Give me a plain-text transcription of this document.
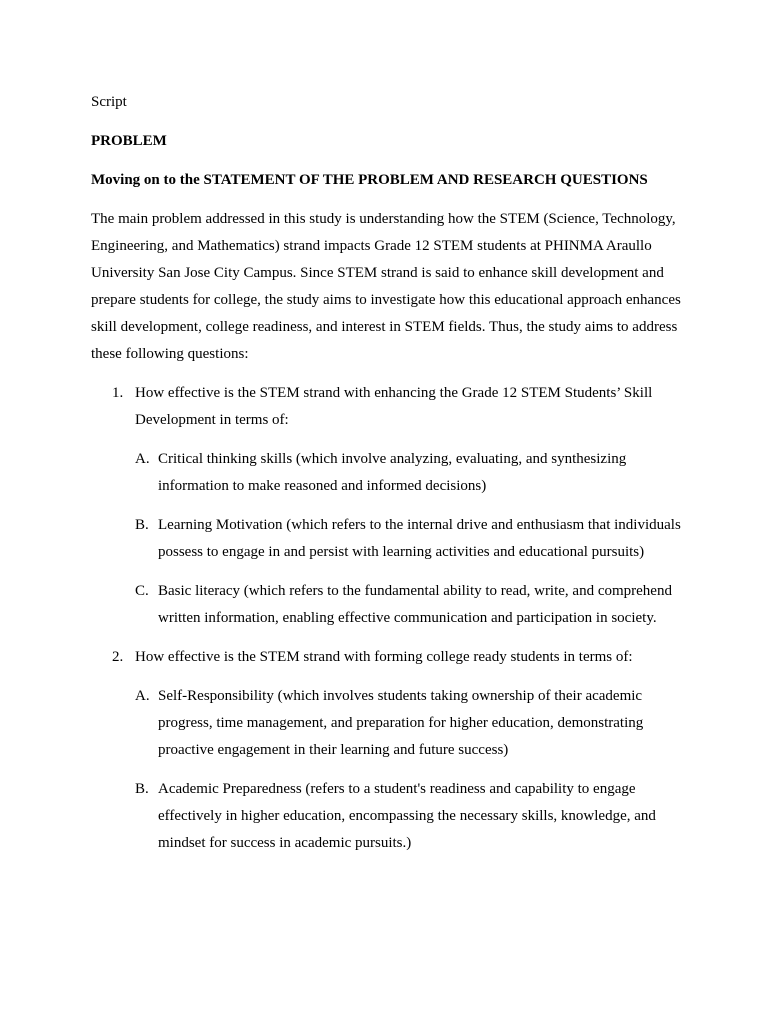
Script

PROBLEM

Moving on to the STATEMENT OF THE PROBLEM AND RESEARCH QUESTIONS

The main problem addressed in this study is understanding how the STEM (Science, Technology, Engineering, and Mathematics) strand impacts Grade 12 STEM students at PHINMA Araullo University San Jose City Campus. Since STEM strand is said to enhance skill development and prepare students for college, the study aims to investigate how this educational approach enhances skill development, college readiness, and interest in STEM fields. Thus, the study aims to address these following questions:

1. How effective is the STEM strand with enhancing the Grade 12 STEM Students’ Skill Development in terms of:
A. Critical thinking skills (which involve analyzing, evaluating, and synthesizing information to make reasoned and informed decisions)
B. Learning Motivation (which refers to the internal drive and enthusiasm that individuals possess to engage in and persist with learning activities and educational pursuits)
C. Basic literacy (which refers to the fundamental ability to read, write, and comprehend written information, enabling effective communication and participation in society.
2. How effective is the STEM strand with forming college ready students in terms of:
A. Self-Responsibility (which involves students taking ownership of their academic progress, time management, and preparation for higher education, demonstrating proactive engagement in their learning and future success)
B. Academic Preparedness (refers to a student's readiness and capability to engage effectively in higher education, encompassing the necessary skills, knowledge, and mindset for success in academic pursuits.)
